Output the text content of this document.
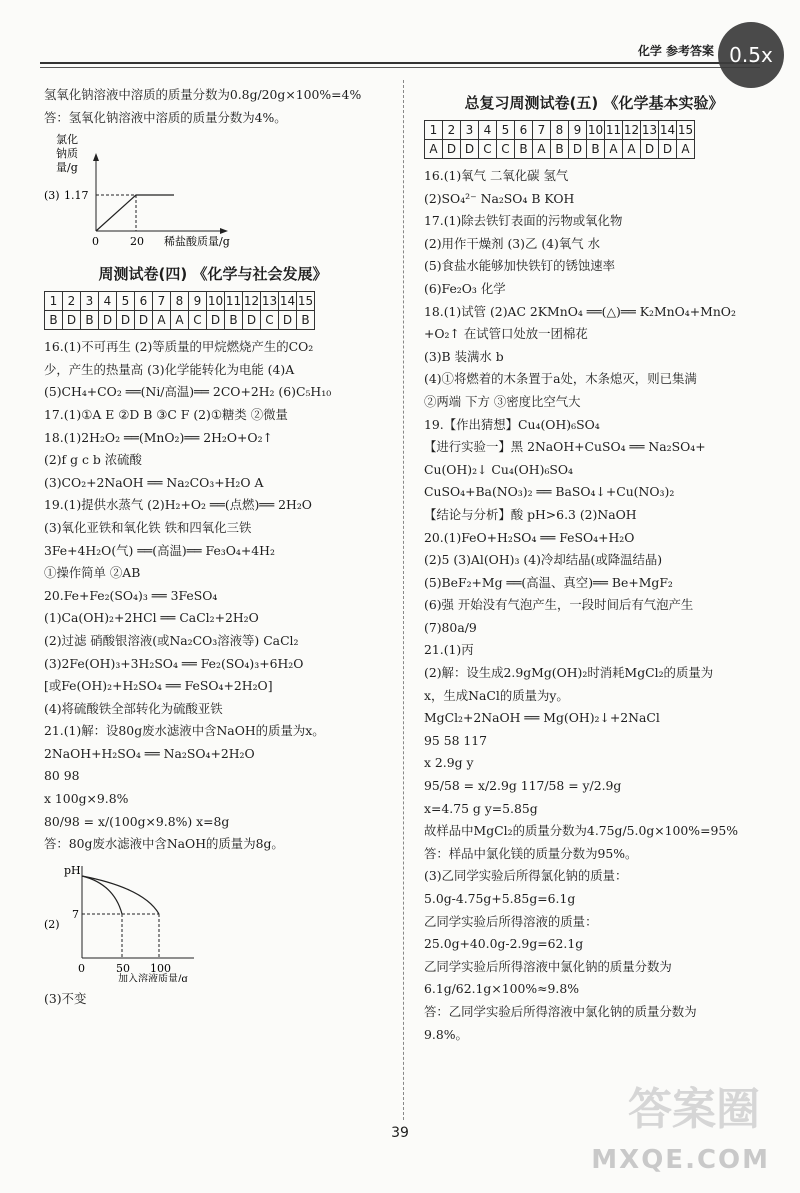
化学 参考答案 0.5x
氢氧化钠溶液中溶质的质量分数为0.8g/20g×100%=4%
答：氢氧化钠溶液中溶质的质量分数为4%。
氯化
钠质
量/g
(3) 1.17
0	20 稀盐酸质量/g
周测试卷(四) 《化学与社会发展》
1	2	3	4	5	6	7	8	9	10	11	12	13	14	15
B	D	B	D	D	D	A	A	C	D	B	D	C	D	B
16.(1)不可再生 (2)等质量的甲烷燃烧产生的CO₂
少，产生的热量高 (3)化学能转化为电能 (4)A
(5)CH₄+CO₂ ══(Ni/高温)══ 2CO+2H₂ (6)C₅H₁₀
17.(1)①A E ②D B ③C F (2)①糖类 ②微量
18.(1)2H₂O₂ ══(MnO₂)══ 2H₂O+O₂↑
(2)f g c b 浓硫酸
(3)CO₂+2NaOH ══ Na₂CO₃+H₂O A
19.(1)提供水蒸气 (2)H₂+O₂ ══(点燃)══ 2H₂O
(3)氧化亚铁和氧化铁 铁和四氧化三铁
3Fe+4H₂O(气) ══(高温)══ Fe₃O₄+4H₂
①操作简单 ②AB
20.Fe+Fe₂(SO₄)₃ ══ 3FeSO₄
(1)Ca(OH)₂+2HCl ══ CaCl₂+2H₂O
(2)过滤 硝酸银溶液(或Na₂CO₃溶液等) CaCl₂
(3)2Fe(OH)₃+3H₂SO₄ ══ Fe₂(SO₄)₃+6H₂O
[或Fe(OH)₂+H₂SO₄ ══ FeSO₄+2H₂O]
(4)将硫酸铁全部转化为硫酸亚铁
21.(1)解：设80g废水滤液中含NaOH的质量为x。
2NaOH+H₂SO₄ ══ Na₂SO₄+2H₂O
80 98
x 100g×9.8%
80/98 = x/(100g×9.8%) x=8g
答：80g废水滤液中含NaOH的质量为8g。
pH
(2)
7
0	50 100
加入溶液质量/g
(3)不变
总复习周测试卷(五) 《化学基本实验》
1	2	3	4	5	6	7	8	9	10	11	12	13	14	15
A	D	D	C	C	B	A	B	D	B	A	A	D	D	A
16.(1)氧气 二氧化碳 氢气
(2)SO₄²⁻ Na₂SO₄ B KOH
17.(1)除去铁钉表面的污物或氧化物
(2)用作干燥剂 (3)乙 (4)氧气 水
(5)食盐水能够加快铁钉的锈蚀速率
(6)Fe₂O₃ 化学
18.(1)试管 (2)AC 2KMnO₄ ══(△)══ K₂MnO₄+MnO₂
+O₂↑ 在试管口处放一团棉花
(3)B 装满水 b
(4)①将燃着的木条置于a处，木条熄灭，则已集满
②两端 下方 ③密度比空气大
19.【作出猜想】Cu₄(OH)₆SO₄
【进行实验一】黑 2NaOH+CuSO₄ ══ Na₂SO₄+
Cu(OH)₂↓ Cu₄(OH)₆SO₄
CuSO₄+Ba(NO₃)₂ ══ BaSO₄↓+Cu(NO₃)₂
【结论与分析】酸 pH>6.3 (2)NaOH
20.(1)FeO+H₂SO₄ ══ FeSO₄+H₂O
(2)5 (3)Al(OH)₃ (4)冷却结晶(或降温结晶)
(5)BeF₂+Mg ══(高温、真空)══ Be+MgF₂
(6)强 开始没有气泡产生，一段时间后有气泡产生
(7)80a/9
21.(1)丙
(2)解：设生成2.9gMg(OH)₂时消耗MgCl₂的质量为
x，生成NaCl的质量为y。
MgCl₂+2NaOH ══ Mg(OH)₂↓+2NaCl
95 58 117
x 2.9g y
95/58 = x/2.9g 117/58 = y/2.9g
x=4.75 g y=5.85g
故样品中MgCl₂的质量分数为4.75g/5.0g×100%=95%
答：样品中氯化镁的质量分数为95%。
(3)乙同学实验后所得氯化钠的质量：
5.0g-4.75g+5.85g=6.1g
乙同学实验后所得溶液的质量：
25.0g+40.0g-2.9g=62.1g
乙同学实验后所得溶液中氯化钠的质量分数为
6.1g/62.1g×100%≈9.8%
答：乙同学实验后所得溶液中氯化钠的质量分数为
9.8%。
39	答案圈
MXQE.COM
